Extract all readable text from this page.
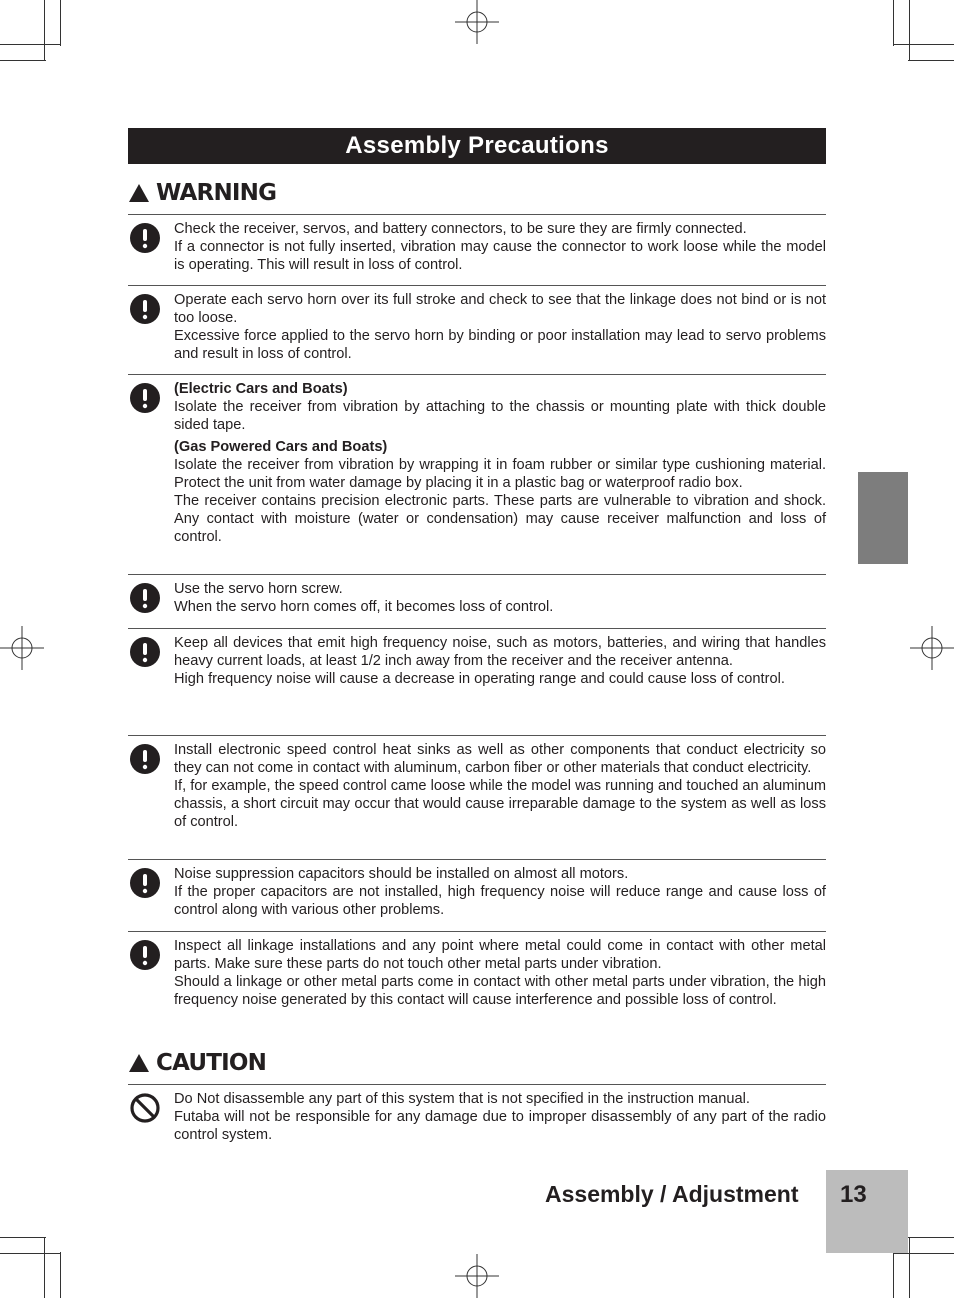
Assembly Precautions
WARNING

Check the receiver, servos, and battery connectors, to be sure they are firmly connected.

If a connector is not fully inserted, vibration may cause the connector to work loose while the model is operating. This will result in loss of control.

Operate each servo horn over its full stroke and check to see that the linkage does not bind or is not too loose.

Excessive force applied to the servo horn by binding or poor installation may lead to servo problems and result in loss of control.

(Electric Cars and Boats)

Isolate the receiver from vibration by attaching to the chassis or mounting plate with thick double sided tape.

(Gas Powered Cars and Boats)

Isolate the receiver from vibration by wrapping it in foam rubber or similar type cushioning material. Protect the unit from water damage by placing it in a plastic bag or waterproof radio box.

The receiver contains precision electronic parts. These parts are vulnerable to vibration and shock. Any contact with moisture (water or condensation) may cause receiver malfunction and loss of control.

Use the servo horn screw.

When the servo horn comes off, it becomes loss of control.

Keep all devices that emit high frequency noise, such as motors, batteries, and wiring that handles heavy current loads, at least 1/2 inch away from the receiver and the receiver antenna.

High frequency noise will cause a decrease in operating range and could cause loss of control.

Install electronic speed control heat sinks as well as other components that conduct electricity so they can not come in contact with aluminum, carbon fiber or other materials that conduct electricity.

If, for example, the speed control came loose while the model was running and touched an aluminum chassis, a short circuit may occur that would cause irreparable damage to the system as well as loss of control.

Noise suppression capacitors should be installed on almost all motors.

If the proper capacitors are not installed, high frequency noise will reduce range and cause loss of control along with various other problems.

Inspect all linkage installations and any point where metal could come in contact with other metal parts. Make sure these parts do not touch other metal parts under vibration.

Should a linkage or other metal parts come in contact with other metal parts under vibration, the high frequency noise generated by this contact will cause interference and possible loss of control.

CAUTION

Do Not disassemble any part of this system that is not specified in the instruction manual.

Futaba will not be responsible for any damage due to improper disassembly of any part of the radio control system.

Assembly / Adjustment 13
